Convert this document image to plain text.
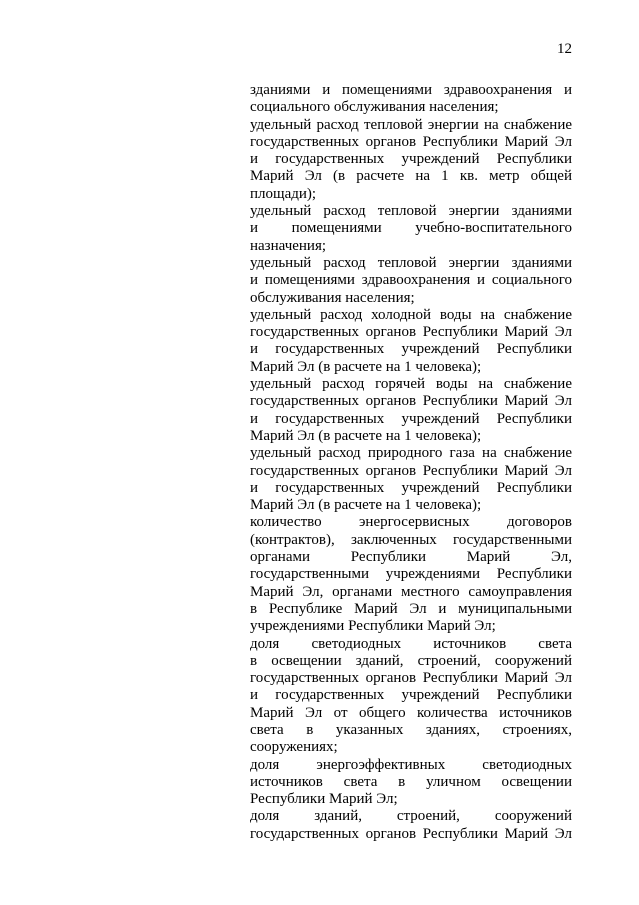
12
зданиями и помещениями здравоохранения и
социального обслуживания населения;
удельный расход тепловой энергии на снабжение
государственных органов Республики Марий Эл
и государственных учреждений Республики
Марий Эл (в расчете на 1 кв. метр общей
площади);
удельный расход тепловой энергии зданиями
и помещениями учебно-воспитательного
назначения;
удельный расход тепловой энергии зданиями
и помещениями здравоохранения и социального
обслуживания населения;
удельный расход холодной воды на снабжение
государственных органов Республики Марий Эл
и государственных учреждений Республики
Марий Эл (в расчете на 1 человека);
удельный расход горячей воды на снабжение
государственных органов Республики Марий Эл
и государственных учреждений Республики
Марий Эл (в расчете на 1 человека);
удельный расход природного газа на снабжение
государственных органов Республики Марий Эл
и государственных учреждений Республики
Марий Эл (в расчете на 1 человека);
количество энергосервисных договоров
(контрактов), заключенных государственными
органами Республики Марий Эл,
государственными учреждениями Республики
Марий Эл, органами местного самоуправления
в Республике Марий Эл и муниципальными
учреждениями Республики Марий Эл;
доля светодиодных источников света
в освещении зданий, строений, сооружений
государственных органов Республики Марий Эл
и государственных учреждений Республики
Марий Эл от общего количества источников
света в указанных зданиях, строениях,
сооружениях;
доля энергоэффективных светодиодных
источников света в уличном освещении
Республики Марий Эл;
доля зданий, строений, сооружений
государственных органов Республики Марий Эл
